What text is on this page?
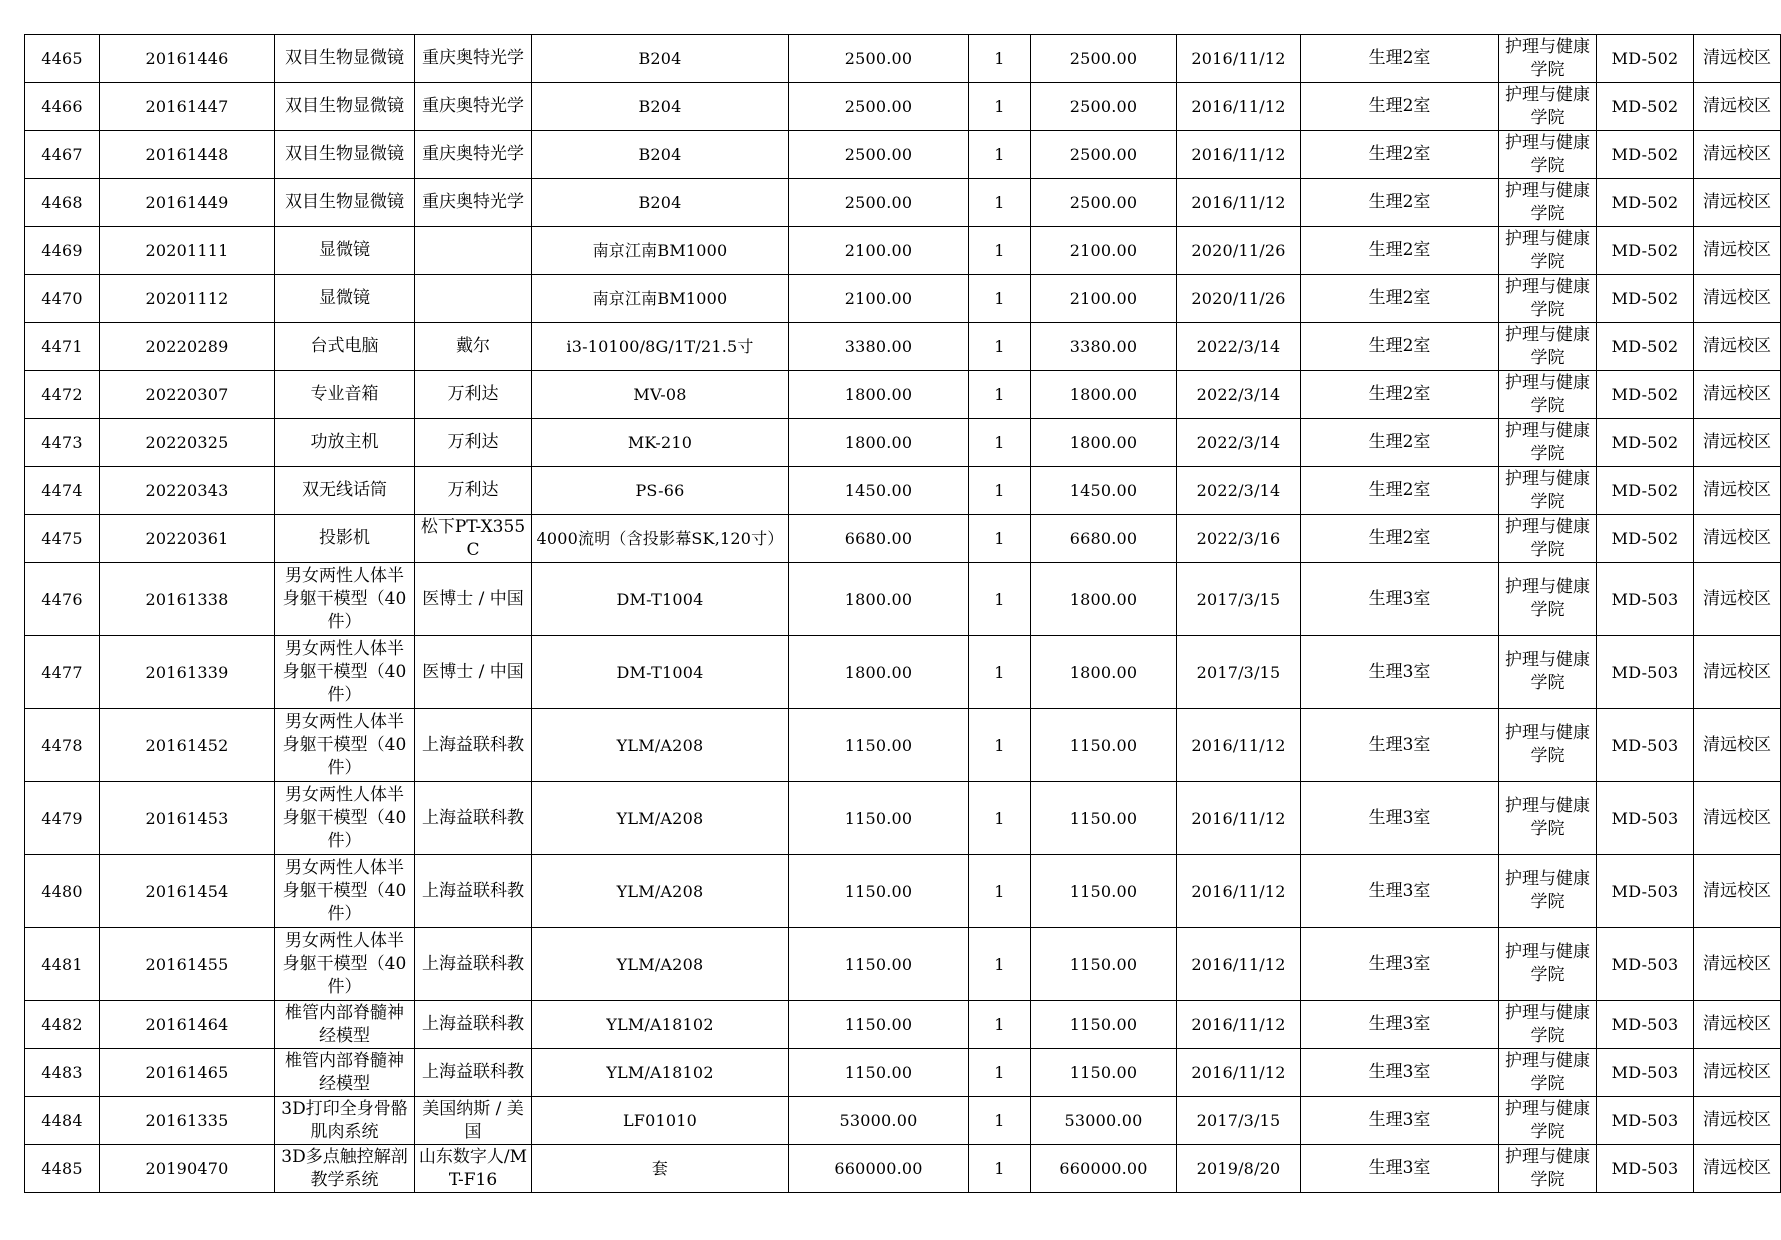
4465	20161446	双目生物显微镜	重庆奥特光学	B204	2500.00	1	2500.00	2016/11/12	生理2室	护理与健康学院	MD-502	清远校区
4466	20161447	双目生物显微镜	重庆奥特光学	B204	2500.00	1	2500.00	2016/11/12	生理2室	护理与健康学院	MD-502	清远校区
4467	20161448	双目生物显微镜	重庆奥特光学	B204	2500.00	1	2500.00	2016/11/12	生理2室	护理与健康学院	MD-502	清远校区
4468	20161449	双目生物显微镜	重庆奥特光学	B204	2500.00	1	2500.00	2016/11/12	生理2室	护理与健康学院	MD-502	清远校区
4469	20201111	显微镜		南京江南BM1000	2100.00	1	2100.00	2020/11/26	生理2室	护理与健康学院	MD-502	清远校区
4470	20201112	显微镜		南京江南BM1000	2100.00	1	2100.00	2020/11/26	生理2室	护理与健康学院	MD-502	清远校区
4471	20220289	台式电脑	戴尔	i3-10100/8G/1T/21.5寸	3380.00	1	3380.00	2022/3/14	生理2室	护理与健康学院	MD-502	清远校区
4472	20220307	专业音箱	万利达	MV-08	1800.00	1	1800.00	2022/3/14	生理2室	护理与健康学院	MD-502	清远校区
4473	20220325	功放主机	万利达	MK-210	1800.00	1	1800.00	2022/3/14	生理2室	护理与健康学院	MD-502	清远校区
4474	20220343	双无线话筒	万利达	PS-66	1450.00	1	1450.00	2022/3/14	生理2室	护理与健康学院	MD-502	清远校区
4475	20220361	投影机	松下PT-X355C	4000流明（含投影幕SK,120寸）	6680.00	1	6680.00	2022/3/16	生理2室	护理与健康学院	MD-502	清远校区
4476	20161338	男女两性人体半身躯干模型（40件）	医博士 / 中国	DM-T1004	1800.00	1	1800.00	2017/3/15	生理3室	护理与健康学院	MD-503	清远校区
4477	20161339	男女两性人体半身躯干模型（40件）	医博士 / 中国	DM-T1004	1800.00	1	1800.00	2017/3/15	生理3室	护理与健康学院	MD-503	清远校区
4478	20161452	男女两性人体半身躯干模型（40件）	上海益联科教	YLM/A208	1150.00	1	1150.00	2016/11/12	生理3室	护理与健康学院	MD-503	清远校区
4479	20161453	男女两性人体半身躯干模型（40件）	上海益联科教	YLM/A208	1150.00	1	1150.00	2016/11/12	生理3室	护理与健康学院	MD-503	清远校区
4480	20161454	男女两性人体半身躯干模型（40件）	上海益联科教	YLM/A208	1150.00	1	1150.00	2016/11/12	生理3室	护理与健康学院	MD-503	清远校区
4481	20161455	男女两性人体半身躯干模型（40件）	上海益联科教	YLM/A208	1150.00	1	1150.00	2016/11/12	生理3室	护理与健康学院	MD-503	清远校区
4482	20161464	椎管内部脊髓神经模型	上海益联科教	YLM/A18102	1150.00	1	1150.00	2016/11/12	生理3室	护理与健康学院	MD-503	清远校区
4483	20161465	椎管内部脊髓神经模型	上海益联科教	YLM/A18102	1150.00	1	1150.00	2016/11/12	生理3室	护理与健康学院	MD-503	清远校区
4484	20161335	3D打印全身骨骼肌肉系统	美国纳斯 / 美国	LF01010	53000.00	1	53000.00	2017/3/15	生理3室	护理与健康学院	MD-503	清远校区
4485	20190470	3D多点触控解剖教学系统	山东数字人/MT-F16	套	660000.00	1	660000.00	2019/8/20	生理3室	护理与健康学院	MD-503	清远校区
